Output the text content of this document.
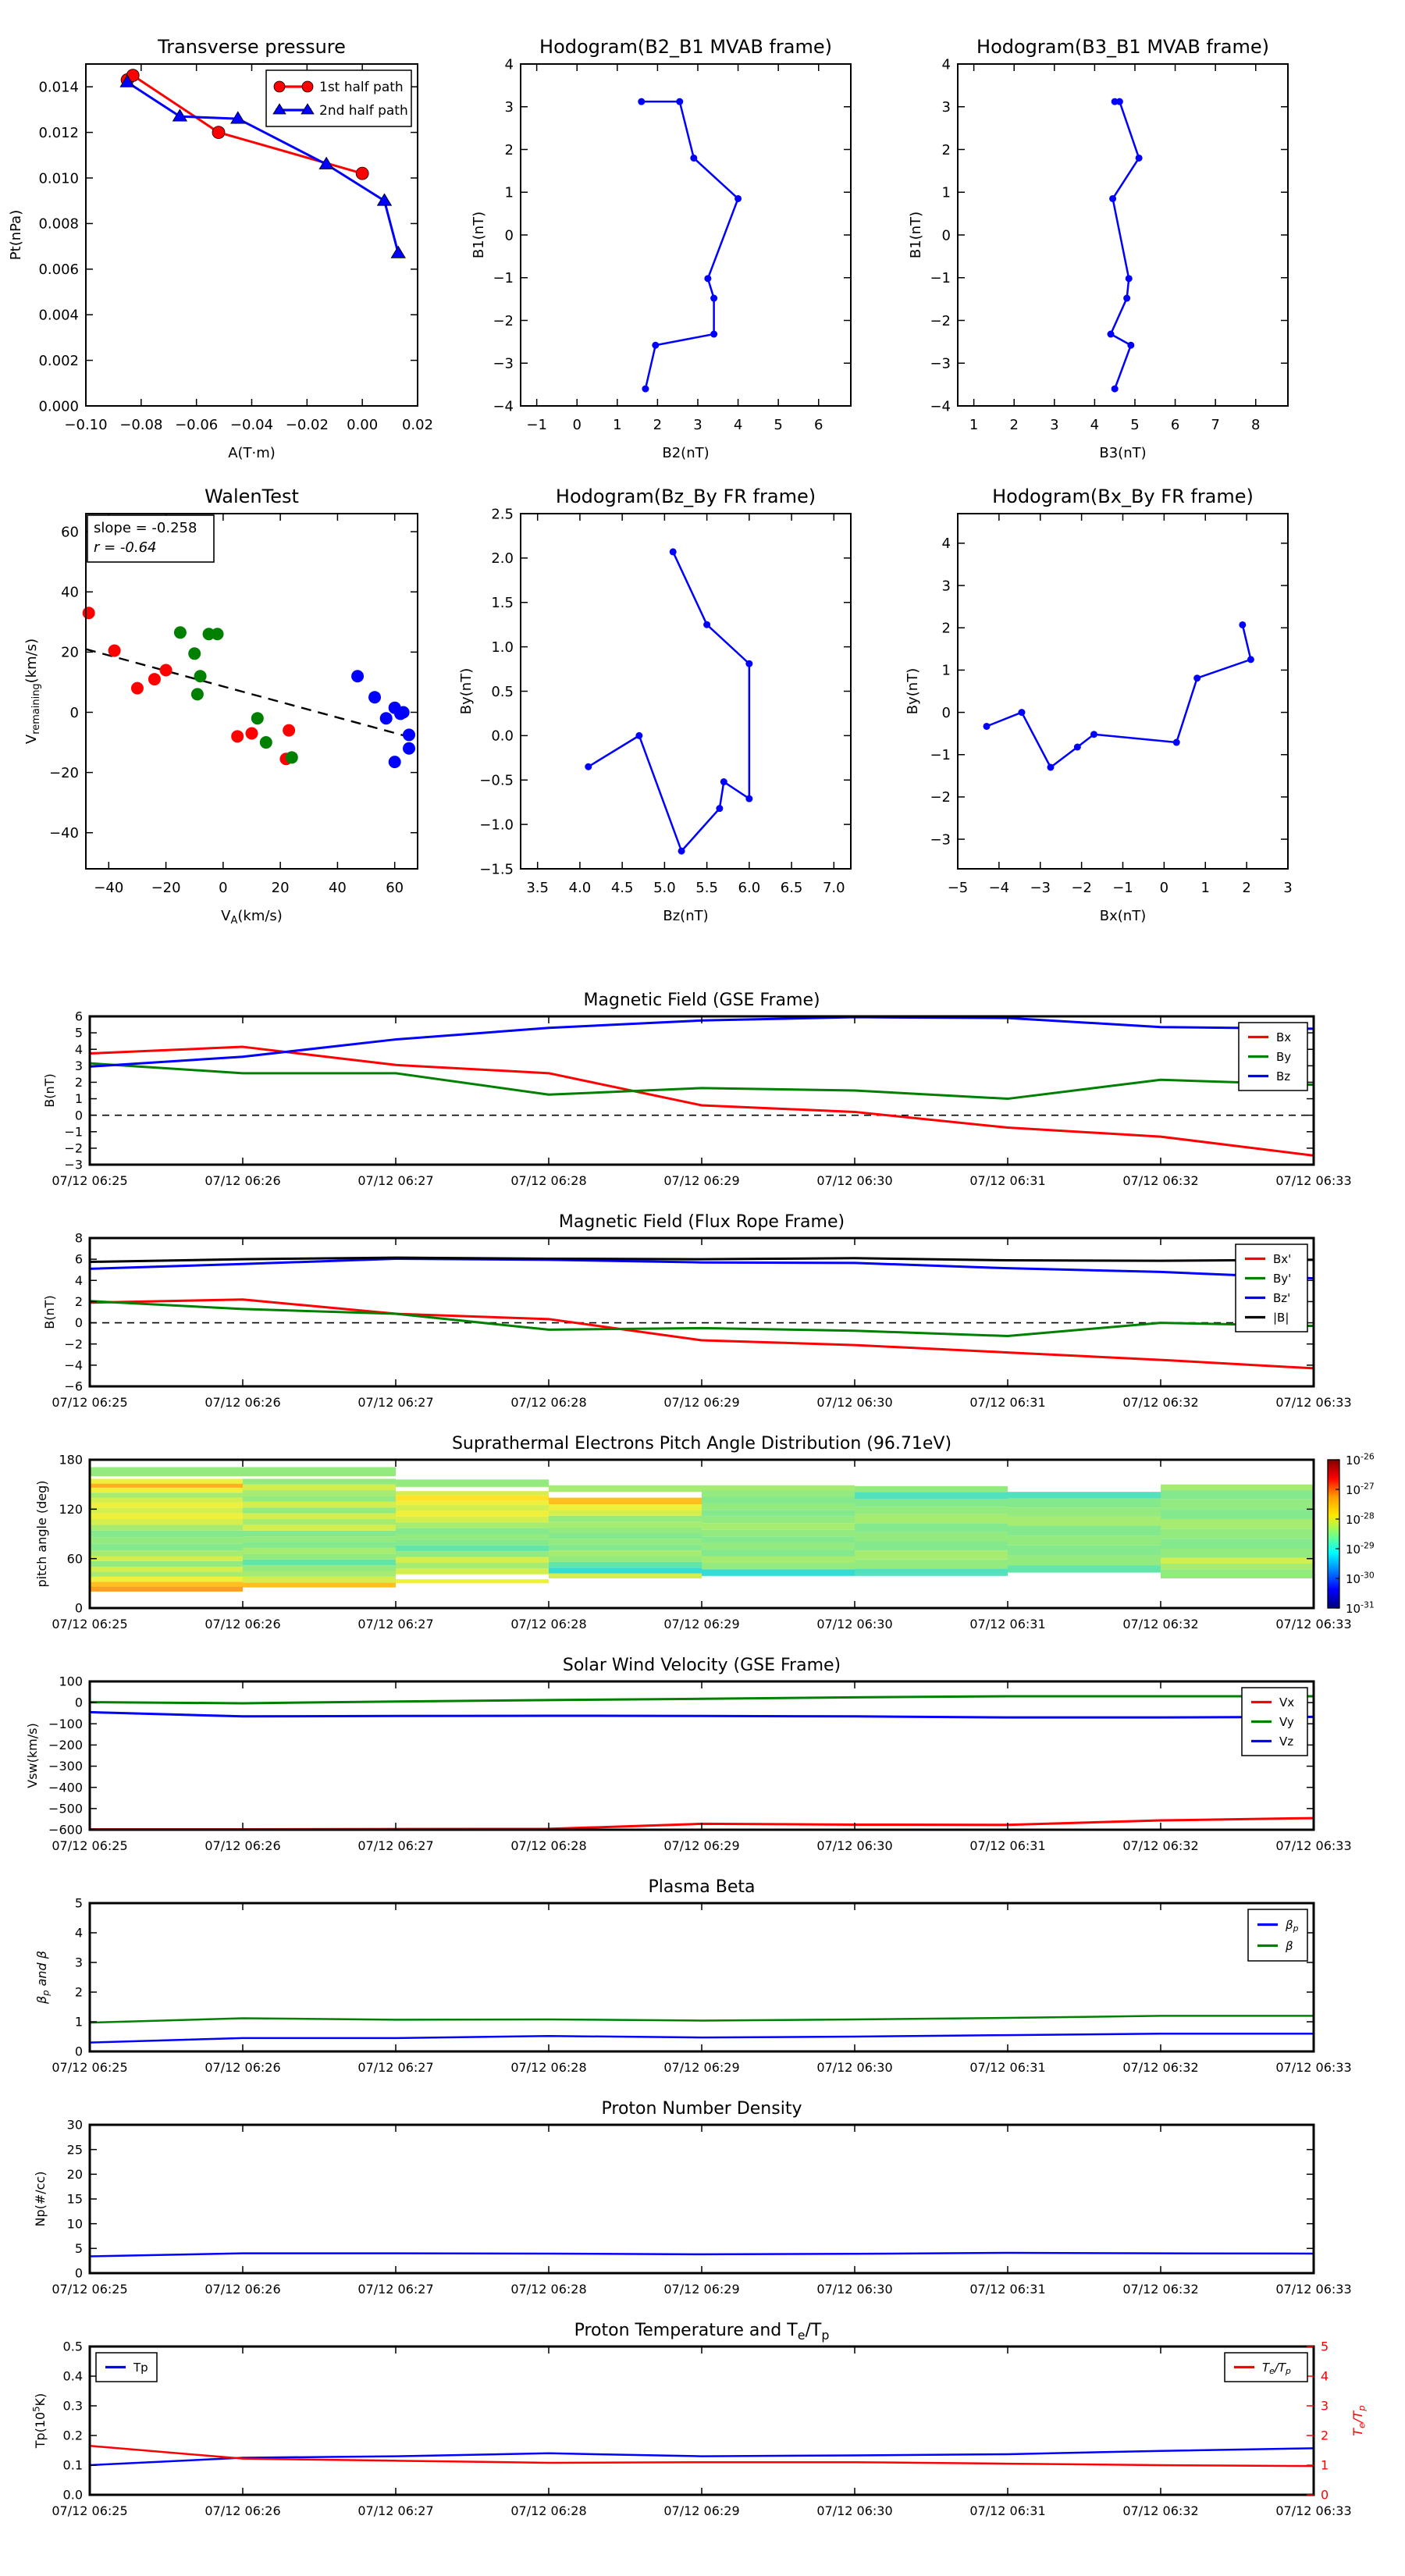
−0.10 −0.08 −0.06 −0.04 −0.02 0.00 0.02
0.000
0.002
0.004
0.006
0.008
0.010
0.012
0.014
Transverse pressure
A(T·m)
Pt(nPa)
1st half path
2nd half path
−1 0 1 2 3 4 5 6
−4
−3
−2
−1
0
1
2
3
4
Hodogram(B2_B1 MVAB frame)
B2(nT)
B1(nT)
1 2 3 4 5 6 7 8
−4
−3
−2
−1
0
1
2
3
4
Hodogram(B3_B1 MVAB frame)
B3(nT)
B1(nT)
−40 −20	0	20	40	60
−40
−20
0
20
40
60
WalenTest
$V_A(km/s)$
$V_{remaining}(km/s)$
slope = -0.258
r = -0.64
3.5 4.0 4.5 5.0 5.5 6.0 6.5 7.0
−1.5
−1.0
−0.5
0.0
0.5
1.0
1.5
2.0
2.5
Hodogram(Bz_By FR frame)
Bz(nT)
By(nT)
−5 −4 −3 −2 −1 0 1 2 3
−3
−2
−1
0
1
2
3
4
Hodogram(Bx_By FR frame)
Bx(nT)
By(nT)
07/12 06:25	07/12 06:26	07/12 06:27	07/12 06:28	07/12 06:29	07/12 06:30	07/12 06:31	07/12 06:32	07/12 06:33
−3
−2
−1
0
1
2
3
4
5
6
Magnetic Field (GSE Frame)
B(nT)
Bx
By
Bz
07/12 06:25	07/12 06:26	07/12 06:27	07/12 06:28	07/12 06:29	07/12 06:30	07/12 06:31	07/12 06:32	07/12 06:33
−6
−4
−2
0
2
4
6
8
Magnetic Field (Flux Rope Frame)
B(nT)
Bx'
By'
Bz'
|B|
07/12 06:25	07/12 06:26	07/12 06:27	07/12 06:28	07/12 06:29	07/12 06:30	07/12 06:31	07/12 06:32	07/12 06:33
0
60
120
180	$10^{-26}$
$10^{-27}$
$10^{-28}$
$10^{-29}$
$10^{-30}$
$10^{-31}$
Suprathermal Electrons Pitch Angle Distribution (96.71eV)
pitch angle (deg)
07/12 06:25	07/12 06:26	07/12 06:27	07/12 06:28	07/12 06:29	07/12 06:30	07/12 06:31	07/12 06:32	07/12 06:33
−600
−500
−400
−300
−200
−100
0
100
Solar Wind Velocity (GSE Frame)
Vsw(km/s)
Vx
Vy
Vz
07/12 06:25	07/12 06:26	07/12 06:27	07/12 06:28	07/12 06:29	07/12 06:30	07/12 06:31	07/12 06:32	07/12 06:33
0
1
2
3
4
5
Plasma Beta
$\beta_p$ and β
$\beta_p$
β
07/12 06:25	07/12 06:26	07/12 06:27	07/12 06:28	07/12 06:29	07/12 06:30	07/12 06:31	07/12 06:32	07/12 06:33
0
5
10
15
20
25
30
Proton Number Density
Np(#/cc)
07/12 06:25	07/12 06:26	07/12 06:27	07/12 06:28	07/12 06:29	07/12 06:30	07/12 06:31	07/12 06:32	07/12 06:33
0.0
0.1
0.2
0.3
0.4
0.5
0
1
2
3
4
5
$T_e/T_p$
Proton Temperature and $T_e/T_p$
$Tp(10^5K)$
Tp	$T_e/T_p$
